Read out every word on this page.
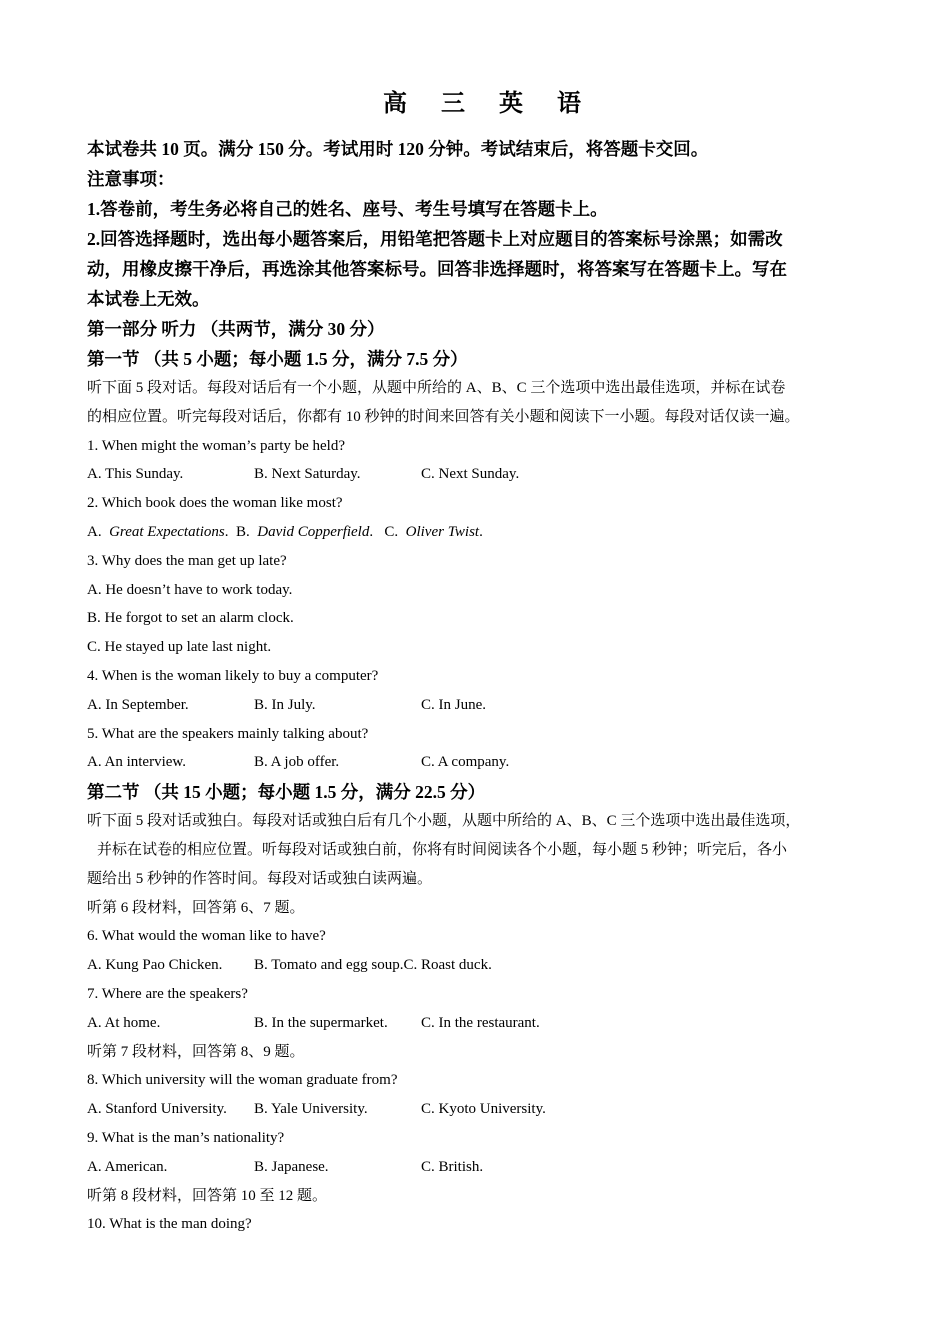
高 三 英 语
本试卷共 10 页。满分 150 分。考试用时 120 分钟。考试结束后，将答题卡交回。
注意事项：
1.答卷前，考生务必将自己的姓名、座号、考生号填写在答题卡上。
2.回答选择题时，选出每小题答案后，用铅笔把答题卡上对应题目的答案标号涂黑；如需改
动，用橡皮擦干净后，再选涂其他答案标号。回答非选择题时，将答案写在答题卡上。写在
本试卷上无效。
第一部分 听力 （共两节，满分 30 分）
第一节 （共 5 小题；每小题 1.5 分，满分 7.5 分）
听下面 5 段对话。每段对话后有一个小题，从题中所给的 A、B、C 三个选项中选出最佳选项，并标在试卷
的相应位置。听完每段对话后，你都有 10 秒钟的时间来回答有关小题和阅读下一小题。每段对话仅读一遍。
1. When might the woman’s party be held?
A. This Sunday.	B. Next Saturday.	C. Next Sunday.
2. Which book does the woman like most?
A.  Great Expectations.  B.  David Copperfield.   C.  Oliver Twist.
3. Why does the man get up late?
A. He doesn’t have to work today.
B. He forgot to set an alarm clock.
C. He stayed up late last night.
4. When is the woman likely to buy a computer?
A. In September.	B. In July.	C. In June.
5. What are the speakers mainly talking about?
A. An interview.	B. A job offer.	C. A company.
第二节 （共 15 小题；每小题 1.5 分，满分 22.5 分）
听下面 5 段对话或独白。每段对话或独白后有几个小题，从题中所给的 A、B、C 三个选项中选出最佳选项，
并标在试卷的相应位置。听每段对话或独白前，你将有时间阅读各个小题，每小题 5 秒钟；听完后，各小
题给出 5 秒钟的作答时间。每段对话或独白读两遍。
听第 6 段材料，回答第 6、7 题。
6. What would the woman like to have?
A. Kung Pao Chicken.	B. Tomato and egg soup. C. Roast duck.
7. Where are the speakers?
A. At home.	B. In the supermarket.	C. In the restaurant.
听第 7 段材料，回答第 8、9 题。
8. Which university will the woman graduate from?
A. Stanford University.	B. Yale University.	C. Kyoto University.
9. What is the man’s nationality?
A. American.	B. Japanese.	C. British.
听第 8 段材料，回答第 10 至 12 题。
10. What is the man doing?
